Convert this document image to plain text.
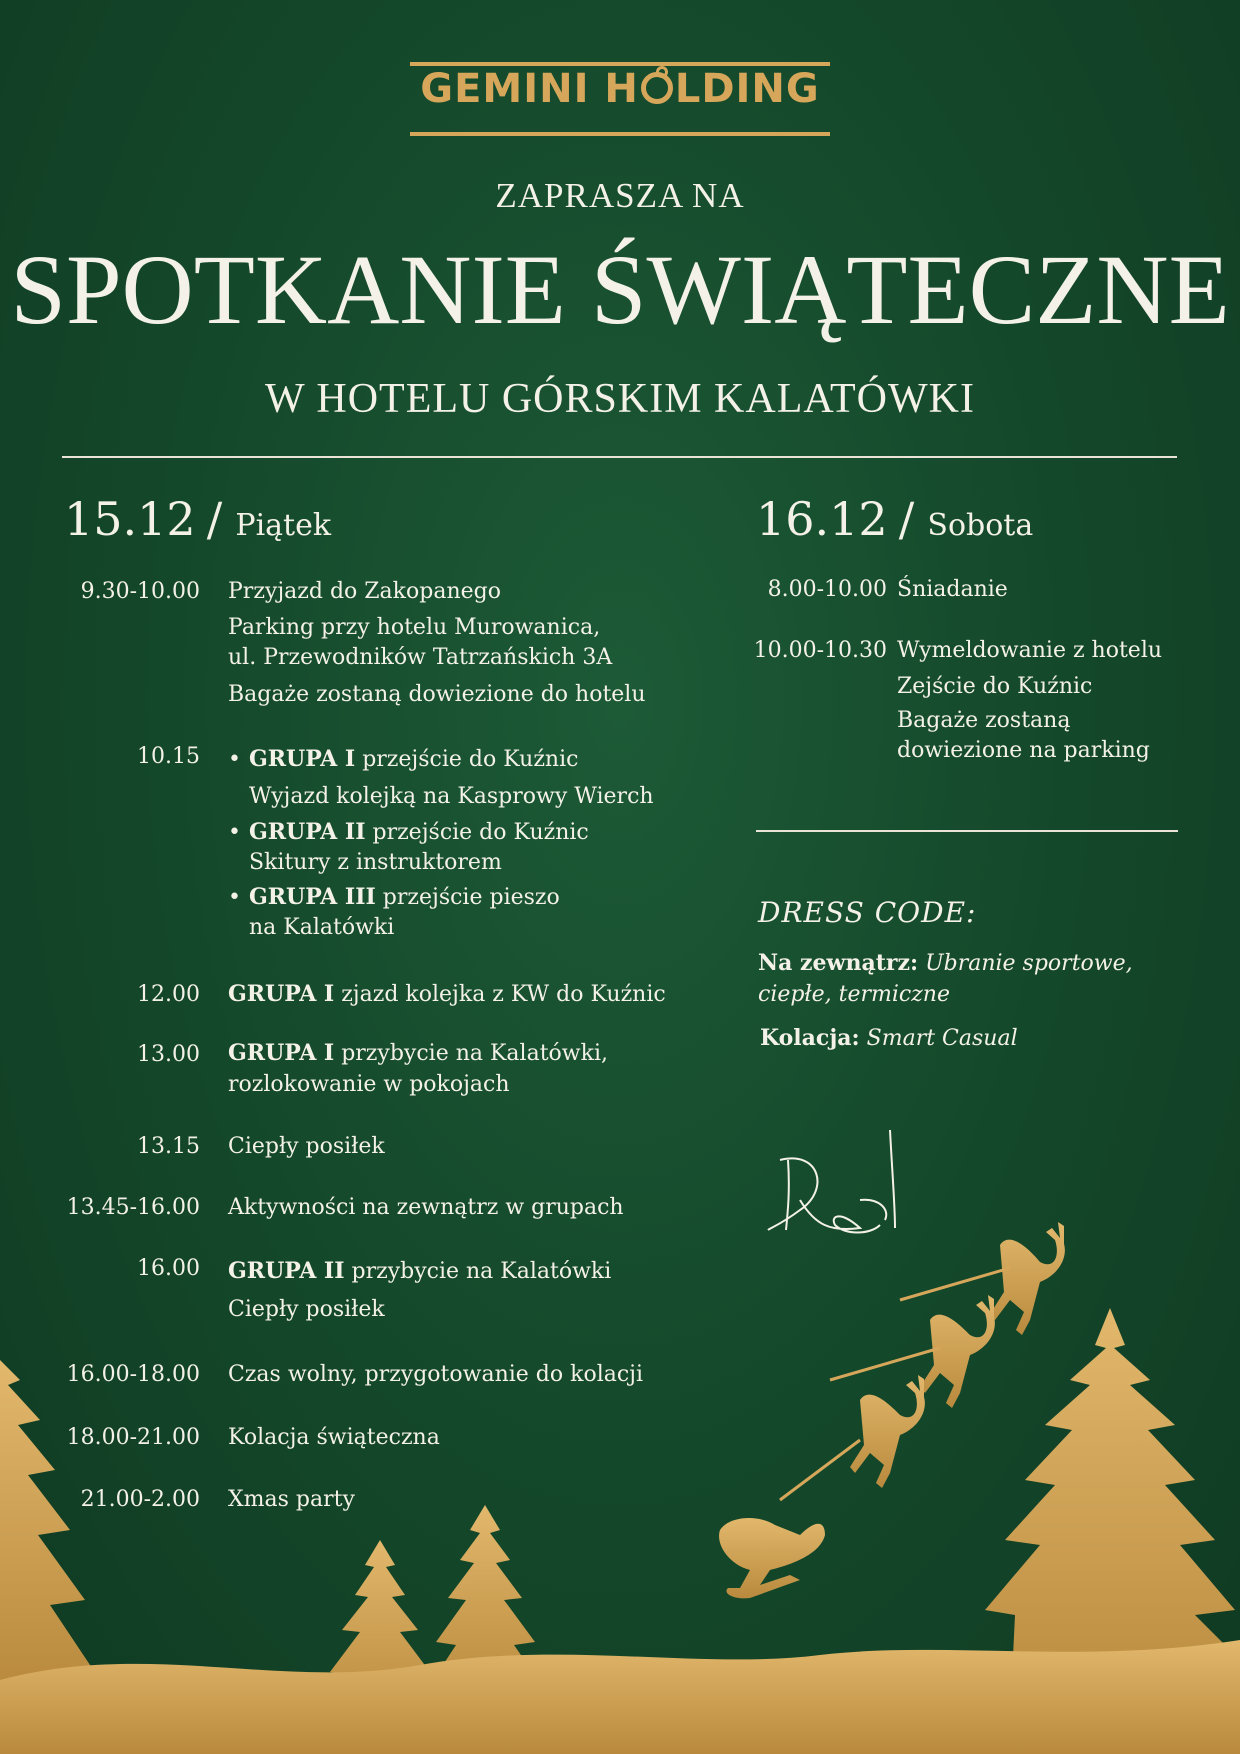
GEMINI H LDING
ZAPRASZA NA
SPOTKANIE ŚWIĄTECZNE
W HOTELU GÓRSKIM KALATÓWKI
15.12 / Piątek
9.30-10.00 Przyjazd do Zakopanego
Parking przy hotelu Murowanica,
ul. Przewodników Tatrzańskich 3A
Bagaże zostaną dowiezione do hotelu
10.15
•	GRUPA I przejście do Kuźnic
Wyjazd kolejką na Kasprowy Wierch
• GRUPA II przejście do Kuźnic
Skitury z instruktorem
• GRUPA III przejście pieszo
na Kalatówki
12.00 GRUPA I zjazd kolejka z KW do Kuźnic
13.00 GRUPA I przybycie na Kalatówki,
rozlokowanie w pokojach
13.15 Ciepły posiłek
13.45-16.00 Aktywności na zewnątrz w grupach
16.00 GRUPA II przybycie na Kalatówki
Ciepły posiłek
16.00-18.00 Czas wolny, przygotowanie do kolacji
18.00-21.00 Kolacja świąteczna
21.00-2.00 Xmas party
16.12 / Sobota
8.00-10.00 Śniadanie
10.00-10.30 Wymeldowanie z hotelu
Zejście do Kuźnic
Bagaże zostaną
dowiezione na parking
DRESS CODE:
Na zewnątrz: Ubranie sportowe,
ciepłe, termiczne
Kolacja: Smart Casual
